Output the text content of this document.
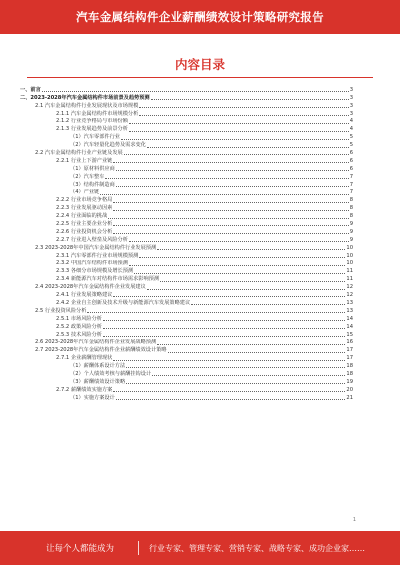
汽车金属结构件企业薪酬绩效设计策略研究报告
内容目录
一、前言	3
二、2023-2028年汽车金属结构件市场前景及趋势预测	3
2.1 汽车金属结构件行业发展现状及市场规模	3
2.1.1 汽车金属结构件市场规模分析	3
2.1.2 行业竞争格局与市场份额	4
2.1.3 行业发展趋势及前景分析	4
（1）汽车零部件行业	5
（2）汽车轻量化趋势及需求变化	5
2.2 汽车金属结构件行业产业链及发展	6
2.2.1 行业上下游产业链	6
（1）原材料供应商	6
（2）汽车整车	7
（3）结构件制造商	7
（4）产业链	7
2.2.2 行业市场竞争格局	8
2.2.3 行业发展驱动因素	8
2.2.4 行业面临的挑战	8
2.2.5 行业主要企业分析	9
2.2.6 行业投资机会分析	9
2.2.7 行业进入壁垒及风险分析	9
2.3 2023-2028年中国汽车金属结构件行业发展预测	10
2.3.1 汽车零部件行业市场规模预测	10
2.3.2 中国汽车结构件市场预测	10
2.3.3 各细分市场规模及增长预测	11
2.3.4 新能源汽车对结构件市场需求影响预测	11
2.4 2023-2028年汽车金属结构件企业发展建议	12
2.4.1 行业发展策略建议	12
2.4.2 企业自主创新及技术升级与新能源汽车发展策略建议	13
2.5 行业投资风险分析	13
2.5.1 市场风险分析	14
2.5.2 政策风险分析	14
2.5.3 技术风险分析	15
2.6 2023-2028年汽车金属结构件企业发展战略预测	16
2.7 2023-2028年汽车金属结构件企业薪酬绩效设计策略	17
2.7.1 企业薪酬管理现状	17
（1）薪酬体系设计方法	18
（2）个人绩效考核与薪酬挂钩设计	18
（3）薪酬绩效设计策略	19
2.7.2 薪酬绩效实施方案	20
（1）实施方案设计	21
1
让每个人都能成为	行业专家、管理专家、营销专家、战略专家、成功企业家……
